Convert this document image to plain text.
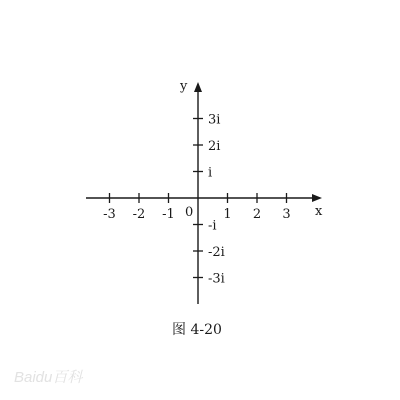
x
y
0
-3 -2 -1	1 2 3
3i
2i
i
-i
-2i
-3i
图 4-20
Baidu百科
